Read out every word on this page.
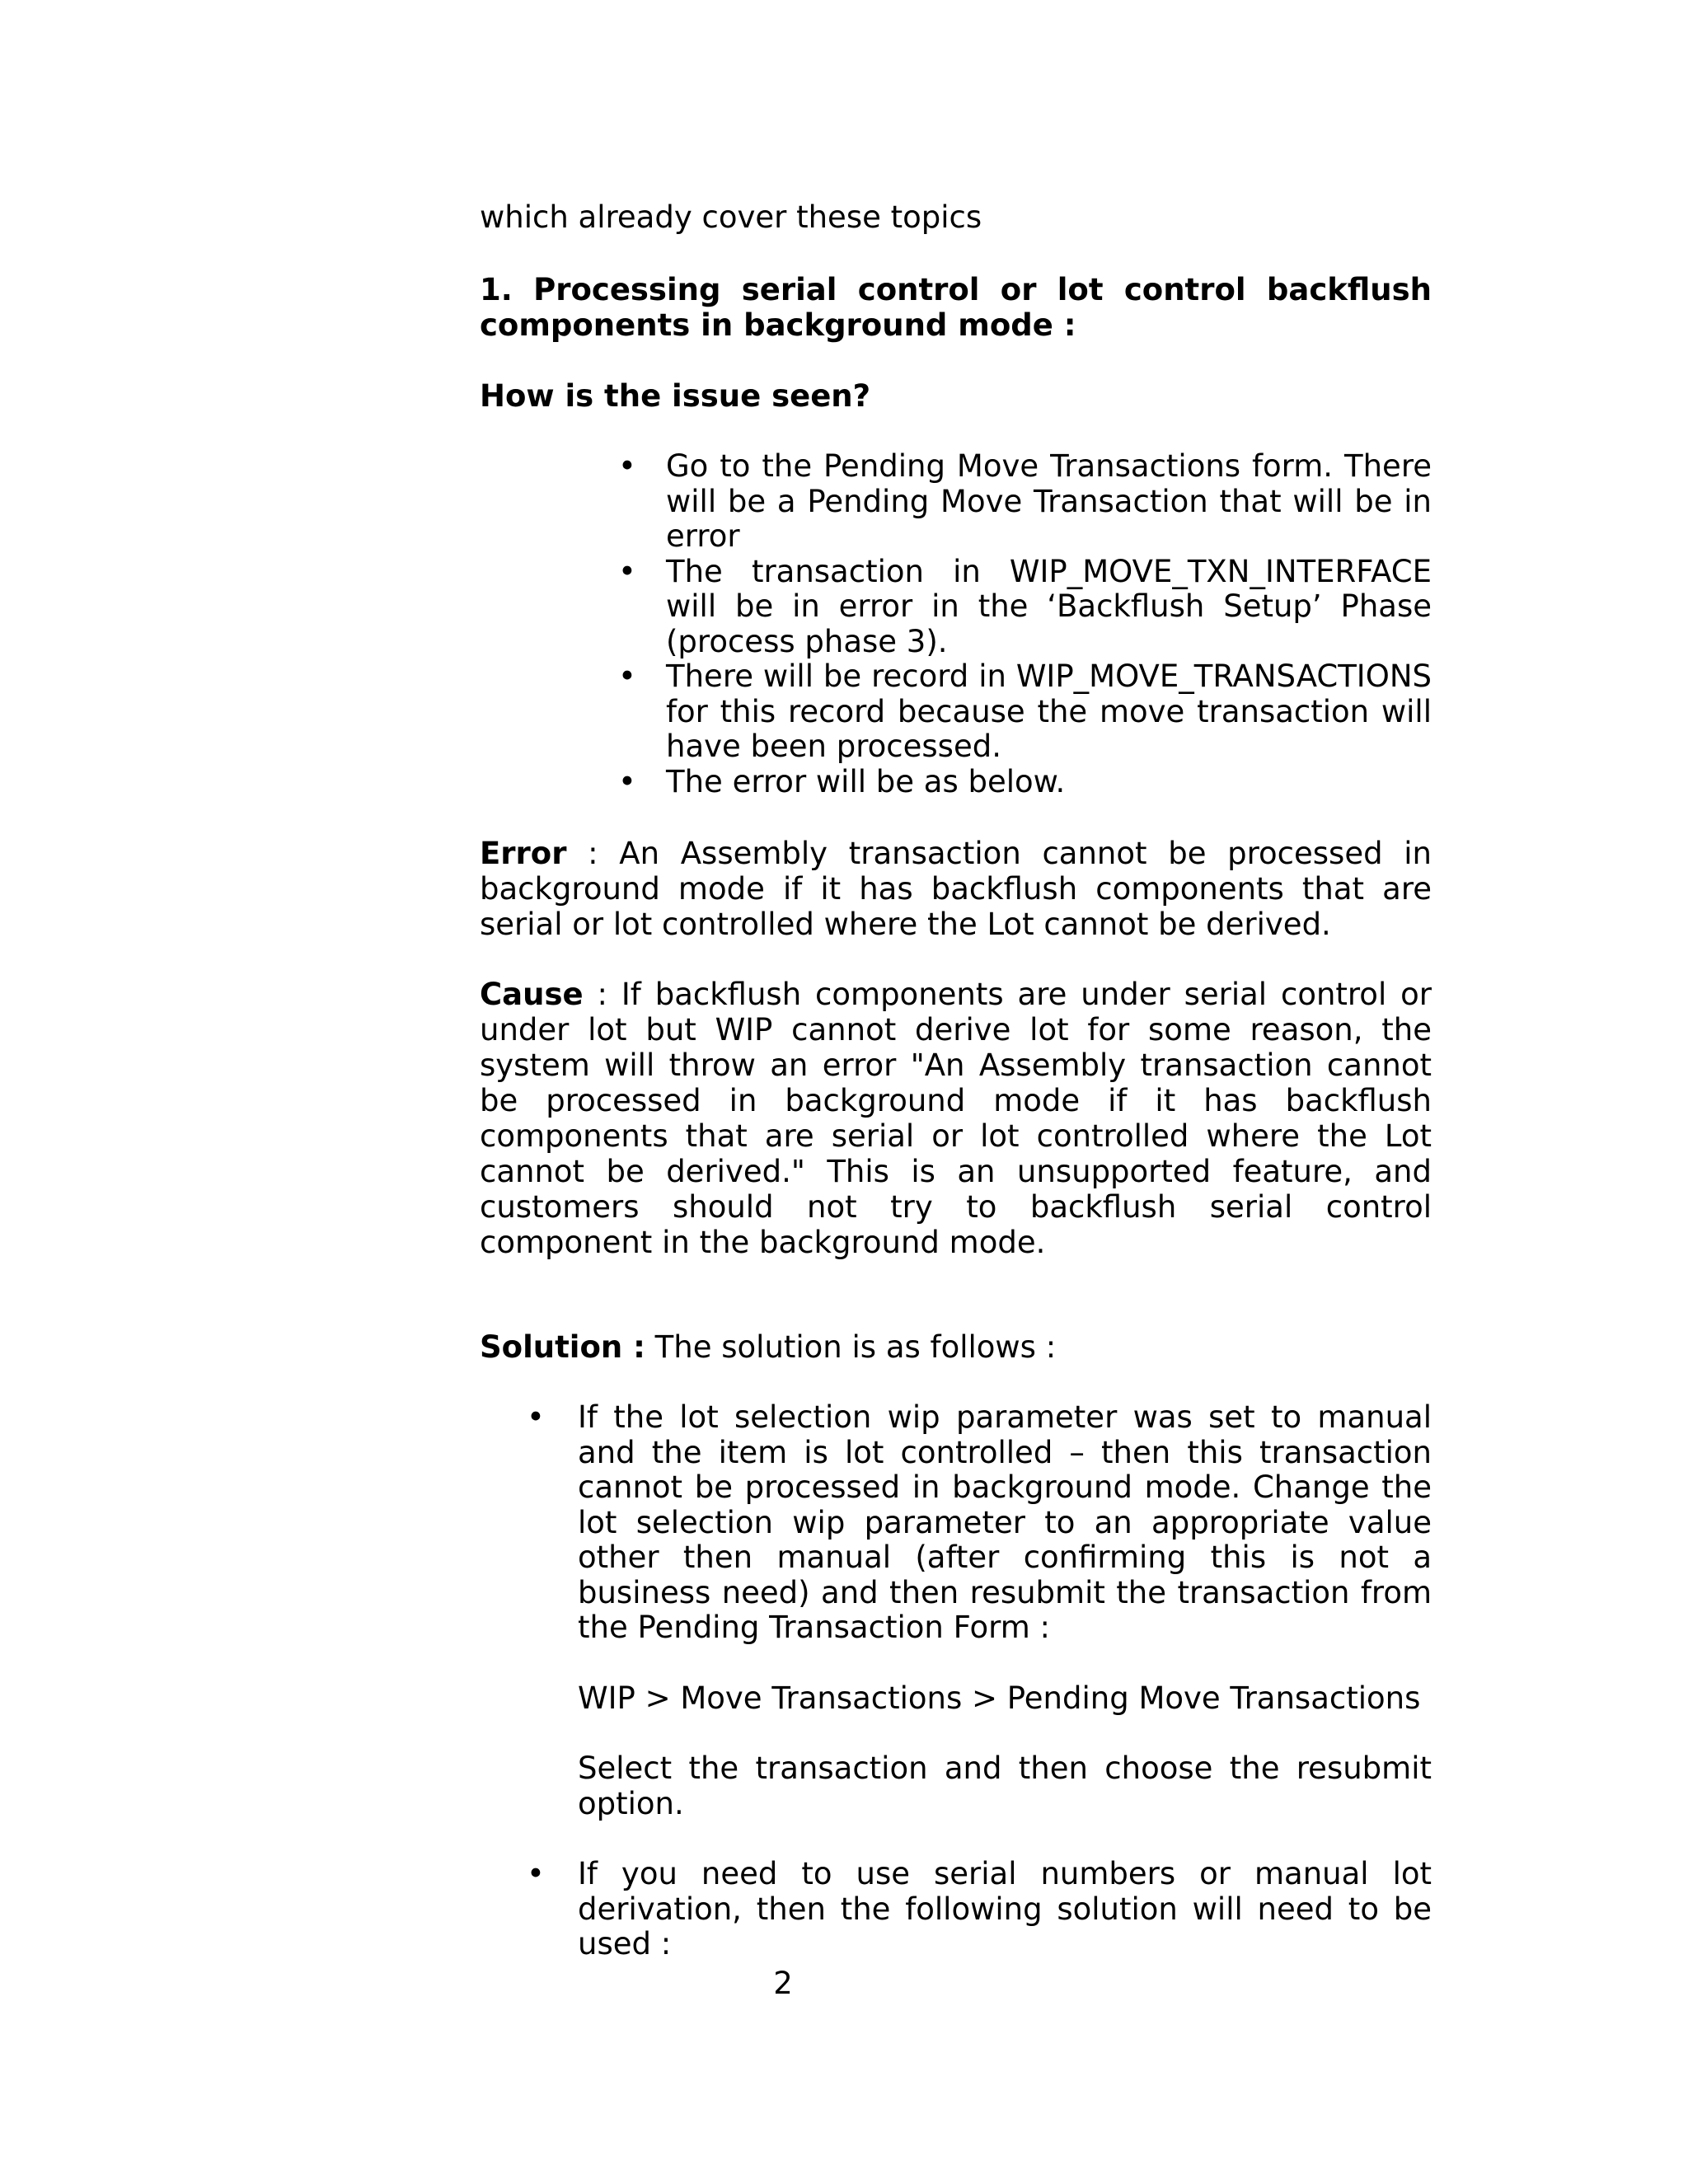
which already cover these topics

1. Processing serial control or lot control backflush components in background mode :

How is the issue seen?

• Go to the Pending Move Transactions form. There will be a Pending Move Transaction that will be in error
• The transaction in WIP_MOVE_TXN_INTERFACE will be in error in the ‘Backflush Setup’ Phase (process phase 3).
• There will be record in WIP_MOVE_TRANSACTIONS for this record because the move transaction will have been processed.
• The error will be as below.

Error : An Assembly transaction cannot be processed in background mode if it has backflush components that are serial or lot controlled where the Lot cannot be derived.

Cause : If backflush components are under serial control or under lot but WIP cannot derive lot for some reason, the system will throw an error "An Assembly transaction cannot be processed in background mode if it has backflush components that are serial or lot controlled where the Lot cannot be derived." This is an unsupported feature, and customers should not try to backflush serial control component in the background mode.

Solution : The solution is as follows :

• If the lot selection wip parameter was set to manual and the item is lot controlled – then this transaction cannot be processed in background mode. Change the lot selection wip parameter to an appropriate value other then manual (after confirming this is not a business need) and then resubmit the transaction from the Pending Transaction Form :
WIP > Move Transactions > Pending Move Transactions
Select the transaction and then choose the resubmit option.
• If you need to use serial numbers or manual lot derivation, then the following solution will need to be used :
2
